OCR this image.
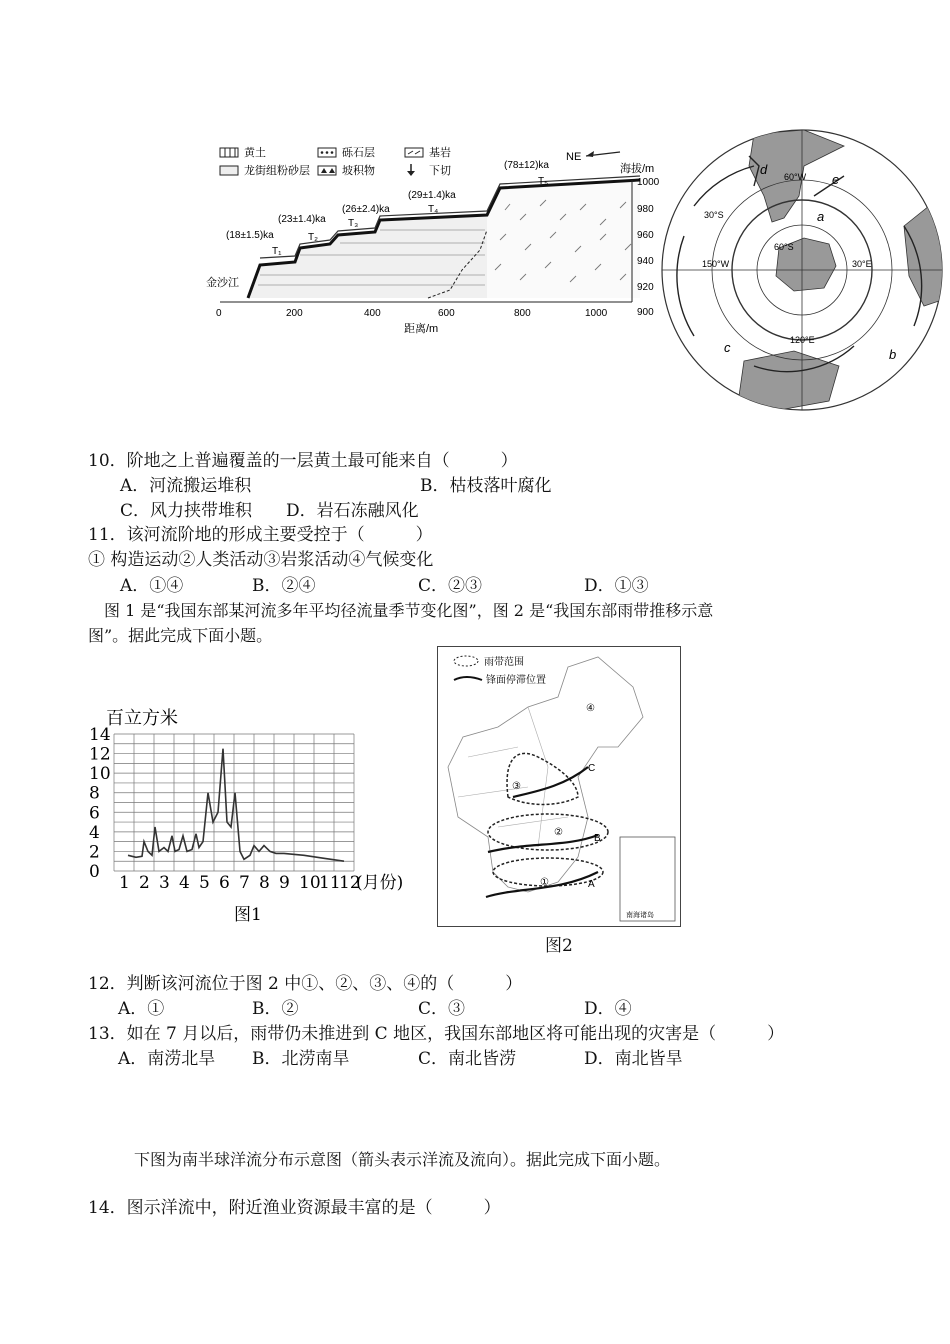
黄土	砾石层	基岩
龙街组粉砂层	坡积物	下切
NE
海拔/m
(18±1.5)ka
(23±1.4)ka
(26±2.4)ka
(29±1.4)ka
(78±12)ka
T₁
T₂
T₃
T₄
T₅
金沙江
0	200	400	600	800	1000
1000
980
960
940
920
900
距离/m
a
b
c
d
e
30°S
60°S
60°W
150°W	30°E
120°E
10．阶地之上普遍覆盖的一层黄土最可能来自（　　　）
A．河流搬运堆积	B．枯枝落叶腐化
C．风力挟带堆积 D．岩石冻融风化
11．该河流阶地的形成主要受控于（　　　）
① 构造运动②人类活动③岩浆活动④气候变化
A．①④	B．②④	C．②③	D．①③
图 1 是“我国东部某河流多年平均径流量季节变化图”，图 2 是“我国东部雨带推移示意
图”。据此完成下面小题。
百立方米
14
12
10
8
6
4
2
0
1 2 3 4 5 6 7 8 9 10
11
12
(月份)
图1
A
B
C
①
②
③
④
雨带范围
锋面停滞位置
南海诸岛
图2
12．判断该河流位于图 2 中①、②、③、④的（　　　）
A．①	B．②	C．③	D．④
13．如在 7 月以后，雨带仍未推进到 C 地区，我国东部地区将可能出现的灾害是（　　　）
A．南涝北旱 B．北涝南旱	C．南北皆涝	D．南北皆旱
下图为南半球洋流分布示意图（箭头表示洋流及流向）。据此完成下面小题。
14．图示洋流中，附近渔业资源最丰富的是（　　　）
